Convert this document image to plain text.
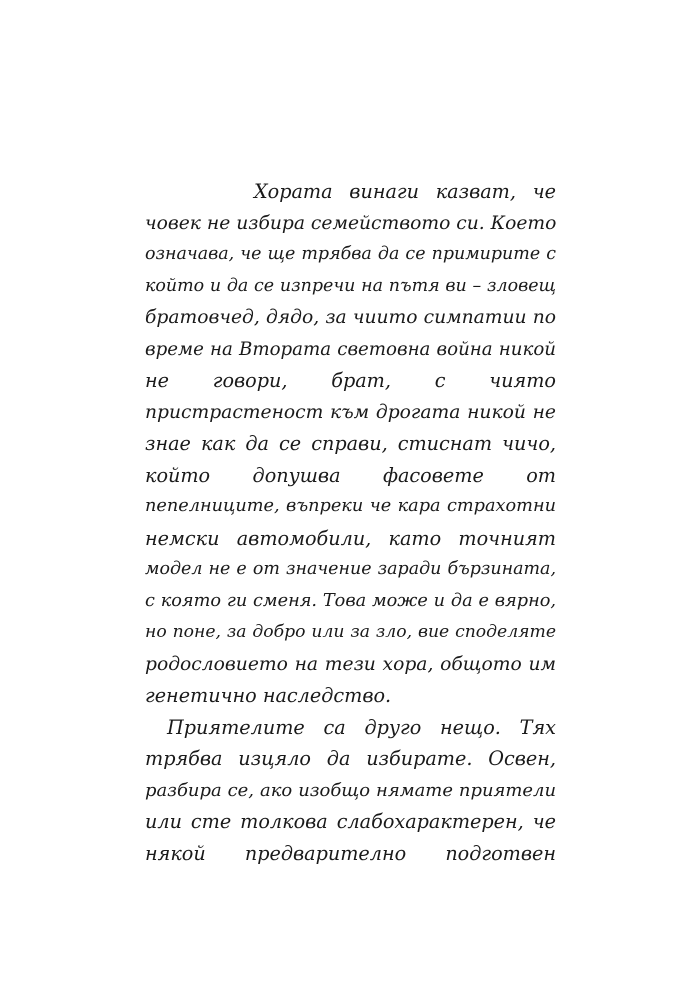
Хората винаги казват, че
човек не избира семейството си. Което
означава, че ще трябва да се примирите с
който и да се изпречи на пътя ви – зловещ
братовчед, дядо, за чиито симпатии по
време на Втората световна война никой
не говори, брат, с чиято
пристрастеност към дрогата никой не
знае как да се справи, стиснат чичо,
който допушва фасовете от
пепелниците, въпреки че кара страхотни
немски автомобили, като точният
модел не е от значение заради бързината,
с която ги сменя. Това може и да е вярно,
но поне, за добро или за зло, вие споделяте
родословието на тези хора, общото им
генетично наследство.
Приятелите са друго нещо. Тях
трябва изцяло да избирате. Освен,
разбира се, ако изобщо нямате приятели
или сте толкова слабохарактерен, че
някой предварително подготвен
